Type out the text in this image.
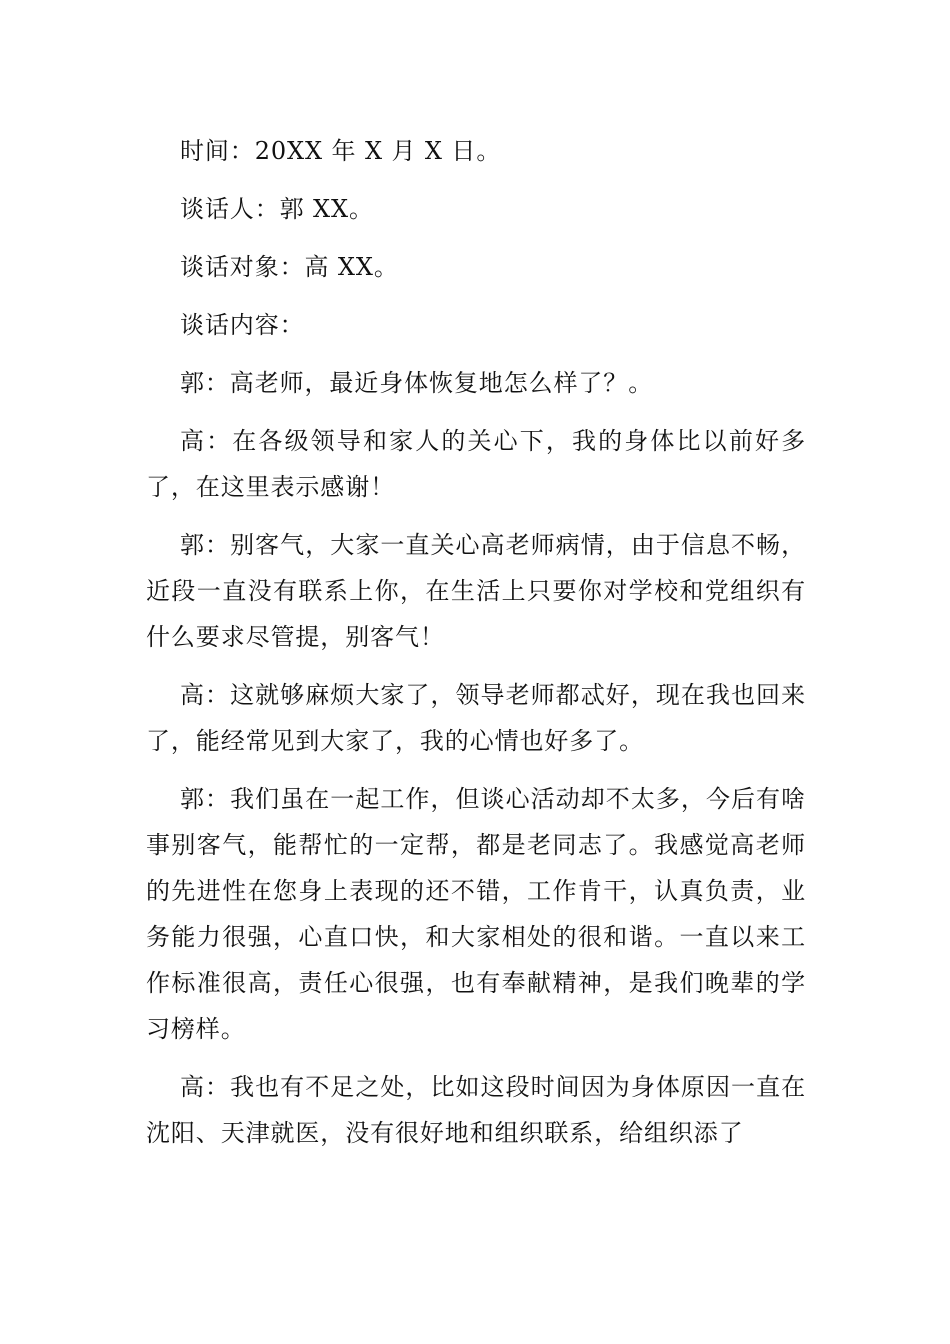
时间：20XX 年 X 月 X 日。

谈话人：郭 XX。

谈话对象：高 XX。

谈话内容：

郭：高老师，最近身体恢复地怎么样了？。

高：在各级领导和家人的关心下，我的身体比以前好多了，在这里表示感谢！

郭：别客气，大家一直关心高老师病情，由于信息不畅，近段一直没有联系上你，在生活上只要你对学校和党组织有什么要求尽管提，别客气！

高：这就够麻烦大家了，领导老师都忒好，现在我也回来了，能经常见到大家了，我的心情也好多了。

郭：我们虽在一起工作，但谈心活动却不太多，今后有啥事别客气，能帮忙的一定帮，都是老同志了。我感觉高老师的先进性在您身上表现的还不错，工作肯干，认真负责，业务能力很强，心直口快，和大家相处的很和谐。一直以来工作标准很高，责任心很强，也有奉献精神，是我们晚辈的学习榜样。

高：我也有不足之处，比如这段时间因为身体原因一直在沈阳、天津就医，没有很好地和组织联系，给组织添了
